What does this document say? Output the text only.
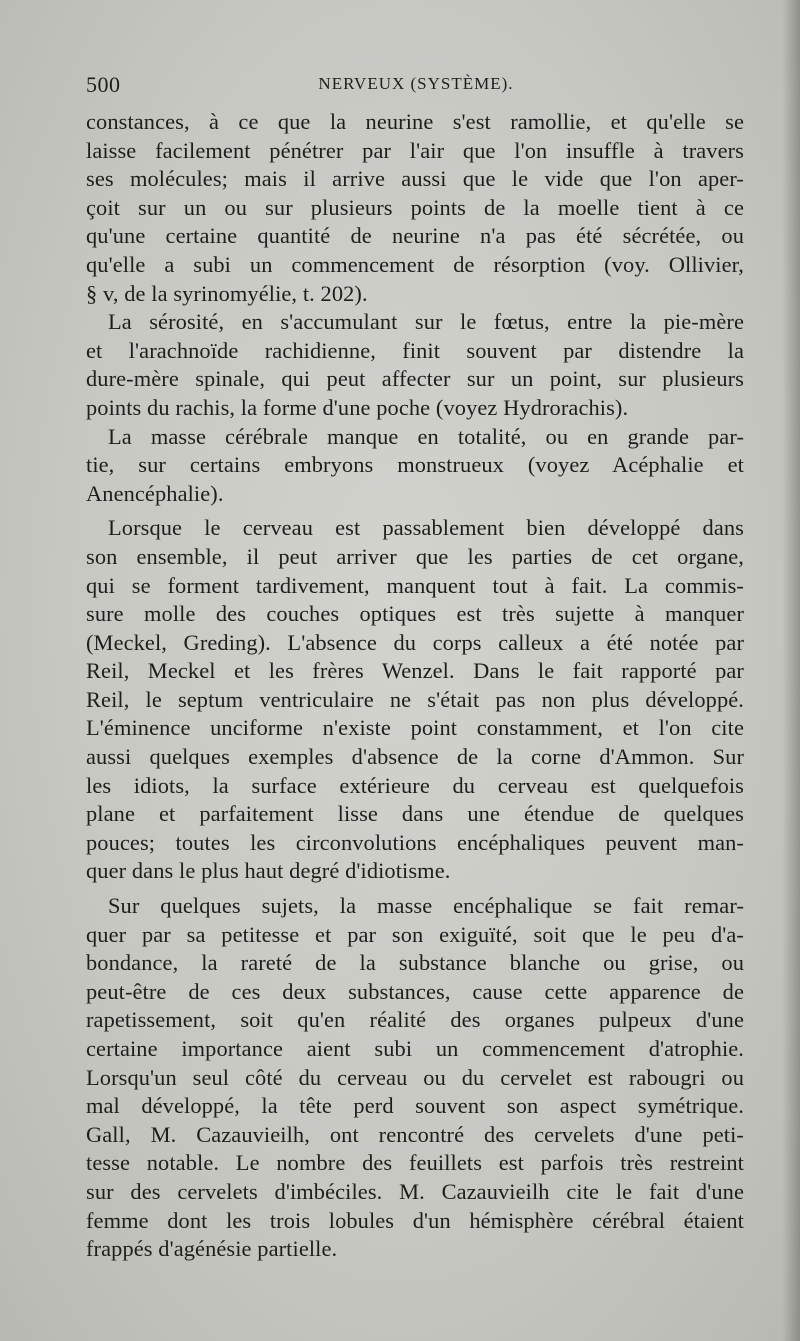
500	NERVEUX (SYSTÈME).
constances, à ce que la neurine s'est ramollie, et qu'elle se
laisse facilement pénétrer par l'air que l'on insuffle à travers
ses molécules; mais il arrive aussi que le vide que l'on aper-
çoit sur un ou sur plusieurs points de la moelle tient à ce
qu'une certaine quantité de neurine n'a pas été sécrétée, ou
qu'elle a subi un commencement de résorption (voy. Ollivier,
§ v, de la syrinomyélie, t. 202).
La sérosité, en s'accumulant sur le fœtus, entre la pie-mère
et l'arachnoïde rachidienne, finit souvent par distendre la
dure-mère spinale, qui peut affecter sur un point, sur plusieurs
points du rachis, la forme d'une poche (voyez Hydrorachis).
La masse cérébrale manque en totalité, ou en grande par-
tie, sur certains embryons monstrueux (voyez Acéphalie et
Anencéphalie).
Lorsque le cerveau est passablement bien développé dans
son ensemble, il peut arriver que les parties de cet organe,
qui se forment tardivement, manquent tout à fait. La commis-
sure molle des couches optiques est très sujette à manquer
(Meckel, Greding). L'absence du corps calleux a été notée par
Reil, Meckel et les frères Wenzel. Dans le fait rapporté par
Reil, le septum ventriculaire ne s'était pas non plus développé.
L'éminence unciforme n'existe point constamment, et l'on cite
aussi quelques exemples d'absence de la corne d'Ammon. Sur
les idiots, la surface extérieure du cerveau est quelquefois
plane et parfaitement lisse dans une étendue de quelques
pouces; toutes les circonvolutions encéphaliques peuvent man-
quer dans le plus haut degré d'idiotisme.
Sur quelques sujets, la masse encéphalique se fait remar-
quer par sa petitesse et par son exiguïté, soit que le peu d'a-
bondance, la rareté de la substance blanche ou grise, ou
peut-être de ces deux substances, cause cette apparence de
rapetissement, soit qu'en réalité des organes pulpeux d'une
certaine importance aient subi un commencement d'atrophie.
Lorsqu'un seul côté du cerveau ou du cervelet est rabougri ou
mal développé, la tête perd souvent son aspect symétrique.
Gall, M. Cazauvieilh, ont rencontré des cervelets d'une peti-
tesse notable. Le nombre des feuillets est parfois très restreint
sur des cervelets d'imbéciles. M. Cazauvieilh cite le fait d'une
femme dont les trois lobules d'un hémisphère cérébral étaient
frappés d'agénésie partielle.
